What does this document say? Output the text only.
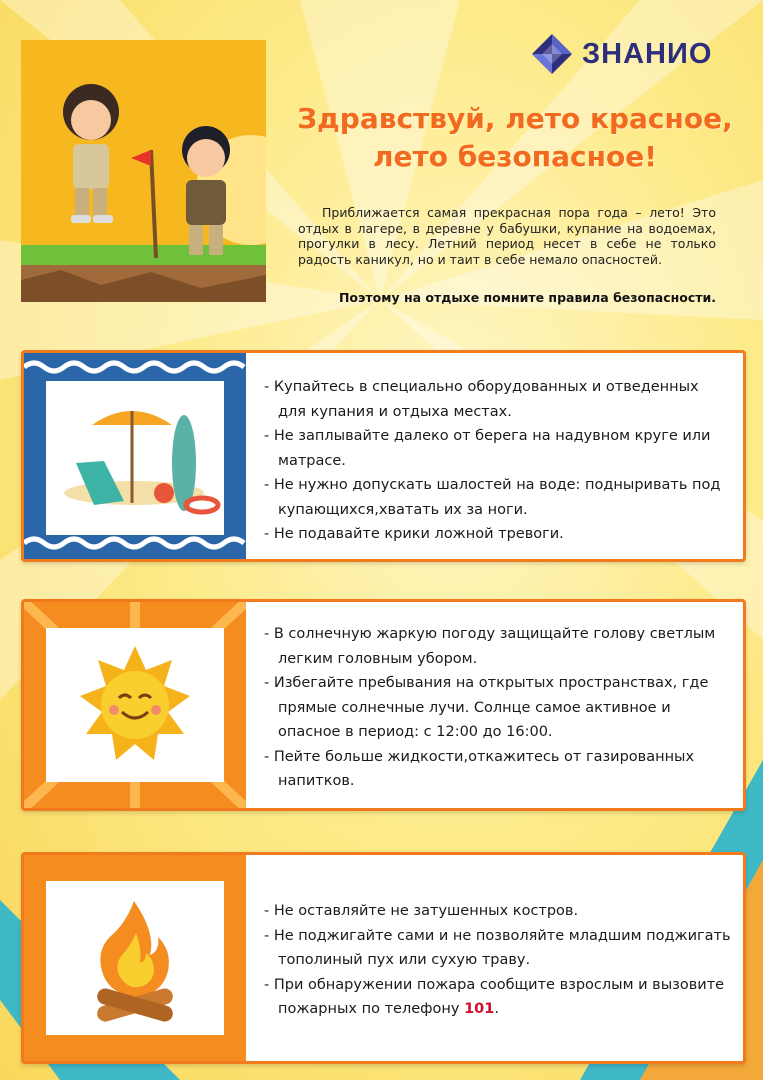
ЗНАНИО
Здравствуй, лето красное,
лето безопасное!
Приближается самая прекрасная пора года – лето! Это отдых в лагере, в деревне у бабушки, купание на водоемах, прогулки в лесу. Летний период несет в себе не только радость каникул, но и таит в себе немало опасностей.
Поэтому на отдыхе помните правила безопасности.
- Купайтесь в специально оборудованных и отведенных для купания и отдыха местах.
- Не заплывайте далеко от берега на надувном круге или матрасе.
- Не нужно допускать шалостей на воде: подныривать под купающихся,хватать их за ноги.
- Не подавайте крики ложной тревоги.
- В солнечную жаркую погоду защищайте голову светлым легким головным убором.
- Избегайте пребывания на открытых пространствах, где прямые солнечные лучи. Солнце самое активное и опасное в период: с 12:00 до 16:00.
- Пейте больше жидкости,откажитесь от газированных напитков.
- Не оставляйте не затушенных костров.
- Не поджигайте сами и не позволяйте младшим поджигать тополиный пух или сухую траву.
- При обнаружении пожара сообщите взрослым и вызовите пожарных по телефону 101.
